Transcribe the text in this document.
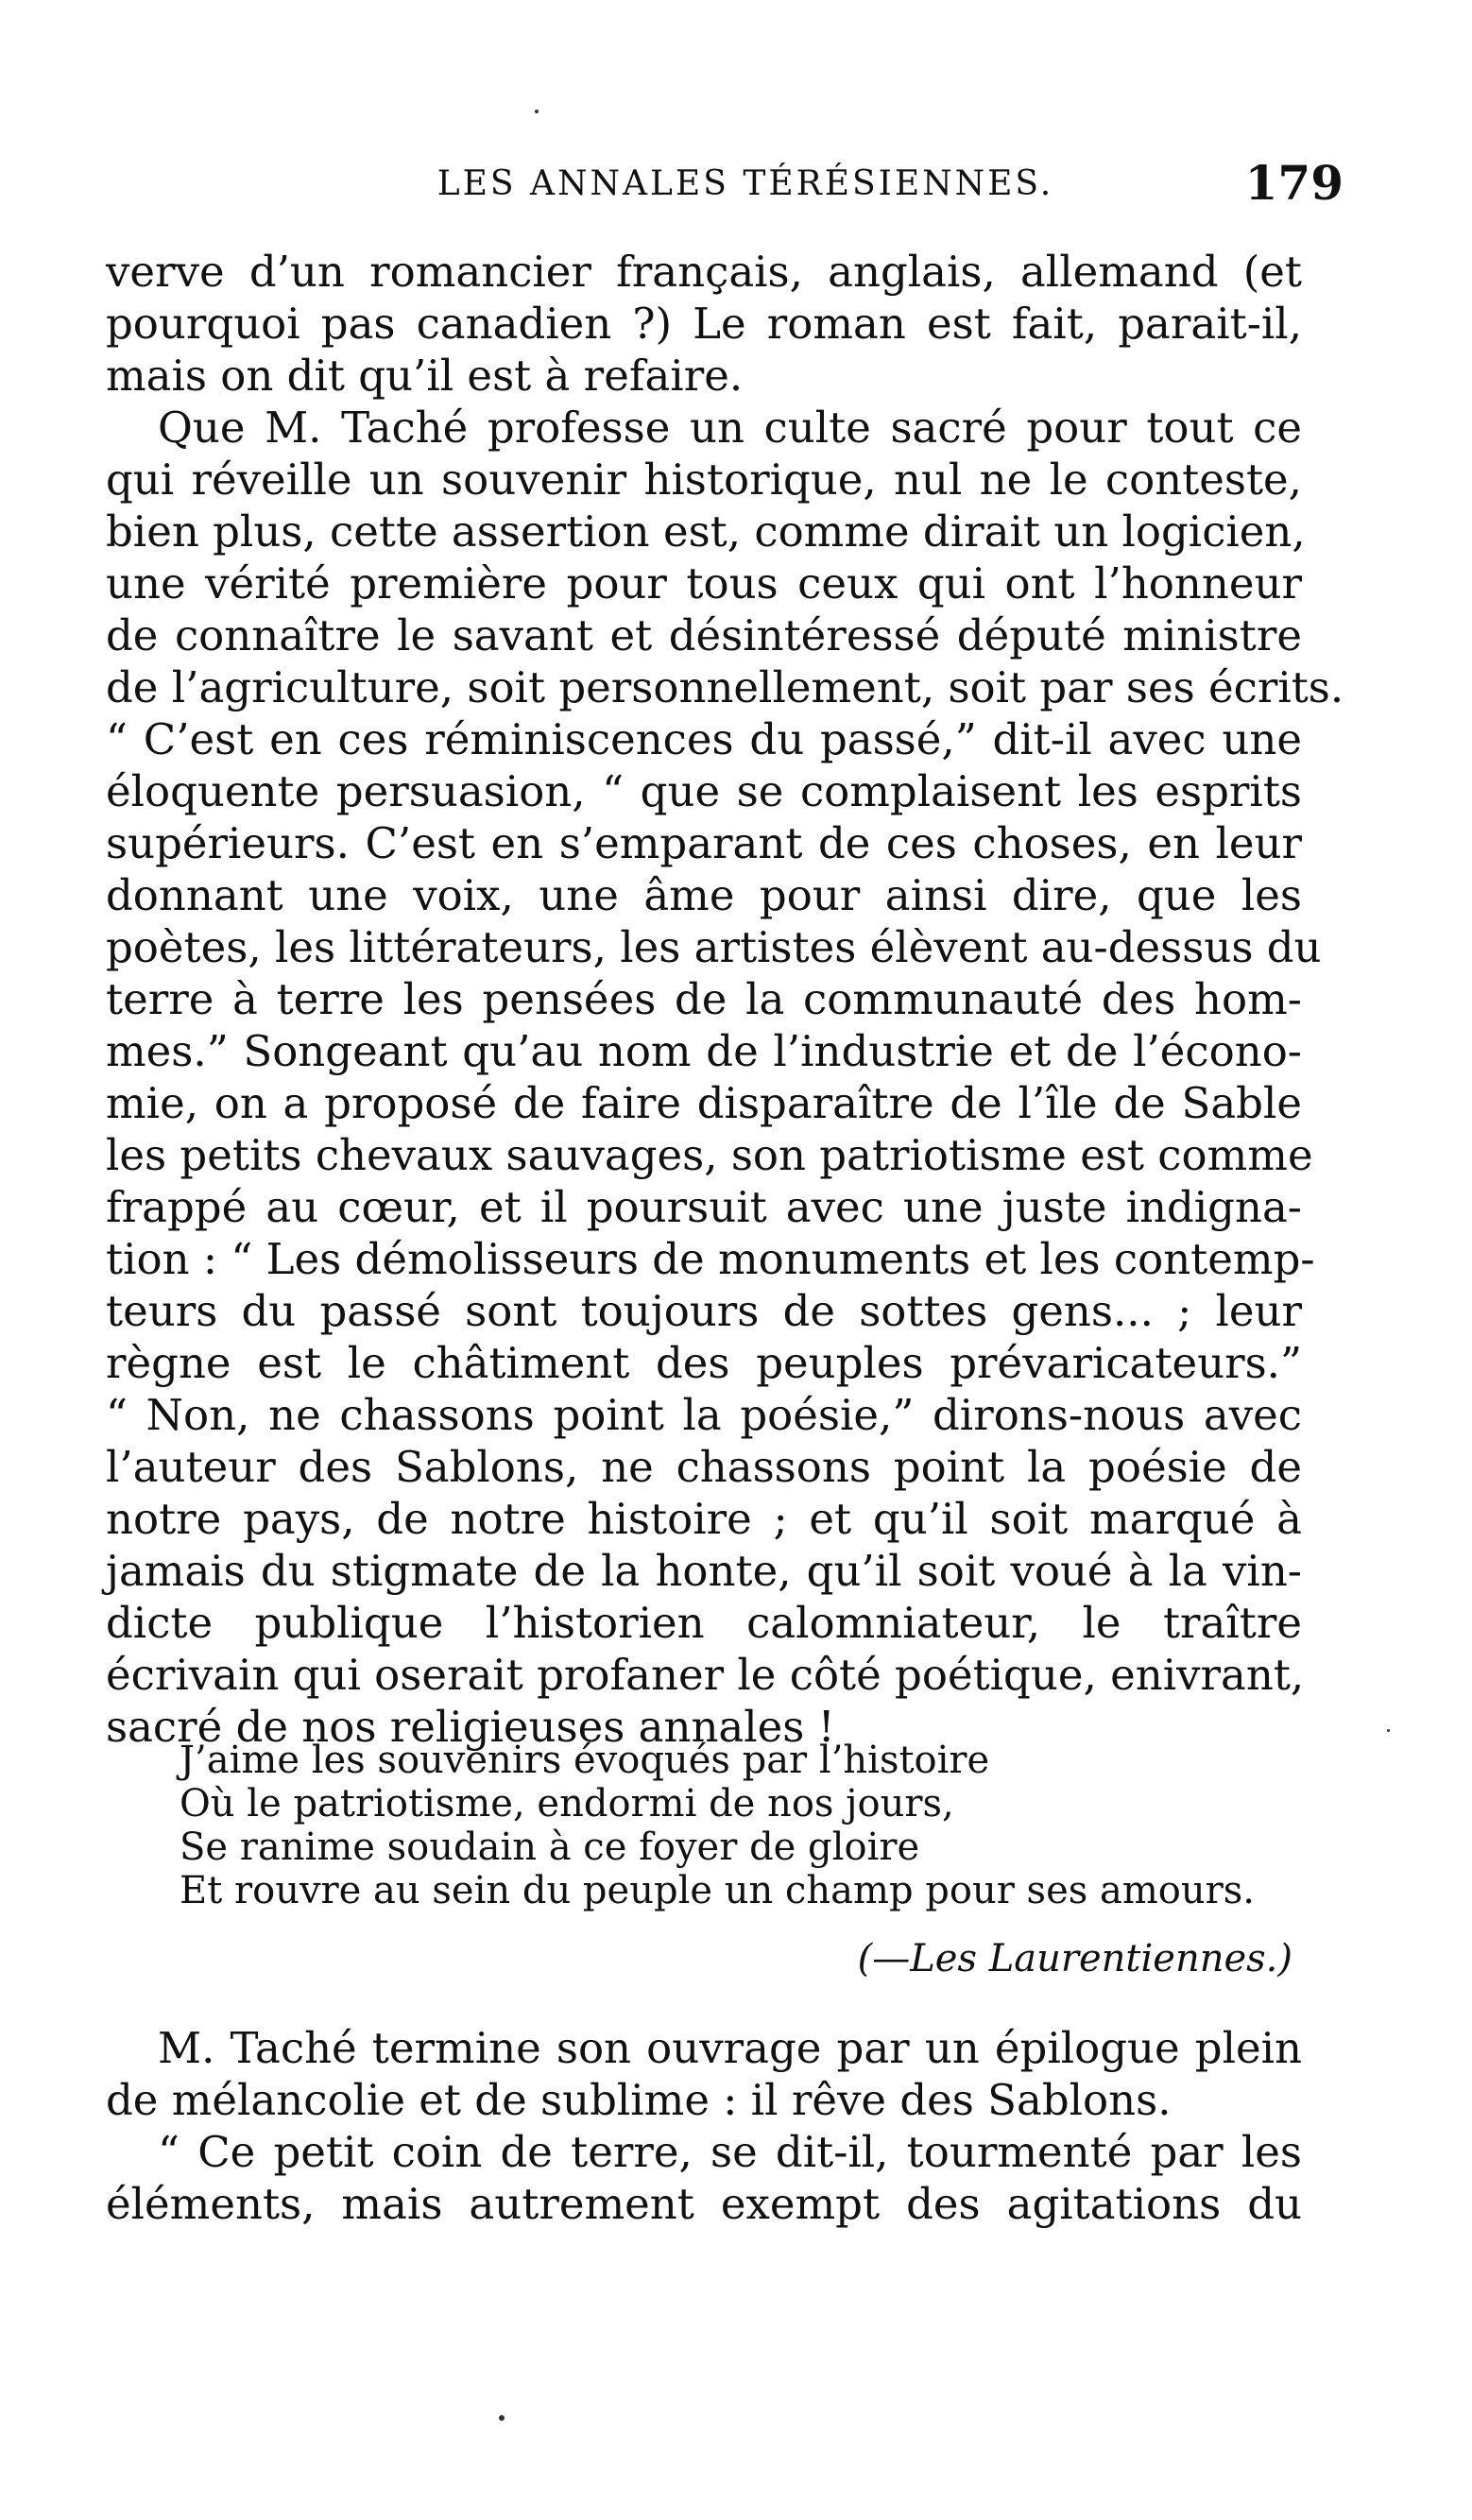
LES ANNALES TÉRÉSIENNES.	179
verve d’un romancier français, anglais, allemand (et
pourquoi pas canadien ?) Le roman est fait, parait-il,
mais on dit qu’il est à refaire.
Que M. Taché professe un culte sacré pour tout ce
qui réveille un souvenir historique, nul ne le conteste,
bien plus, cette assertion est, comme dirait un logicien,
une vérité première pour tous ceux qui ont l’honneur
de connaître le savant et désintéressé député ministre
de l’agriculture, soit personnellement, soit par ses écrits.
“ C’est en ces réminiscences du passé,” dit-il avec une
éloquente persuasion, “ que se complaisent les esprits
supérieurs. C’est en s’emparant de ces choses, en leur
donnant une voix, une âme pour ainsi dire, que les
poètes, les littérateurs, les artistes élèvent au-dessus du
terre à terre les pensées de la communauté des hom-
mes.” Songeant qu’au nom de l’industrie et de l’écono-
mie, on a proposé de faire disparaître de l’île de Sable
les petits chevaux sauvages, son patriotisme est comme
frappé au cœur, et il poursuit avec une juste indigna-
tion : “ Les démolisseurs de monuments et les contemp-
teurs du passé sont toujours de sottes gens... ; leur
règne est le châtiment des peuples prévaricateurs.”
“ Non, ne chassons point la poésie,” dirons-nous avec
l’auteur des Sablons, ne chassons point la poésie de
notre pays, de notre histoire ; et qu’il soit marqué à
jamais du stigmate de la honte, qu’il soit voué à la vin-
dicte publique l’historien calomniateur, le traître
écrivain qui oserait profaner le côté poétique, enivrant,
sacré de nos religieuses annales !
J’aime les souvenirs évoqués par l’histoire
Où le patriotisme, endormi de nos jours,
Se ranime soudain à ce foyer de gloire
Et rouvre au sein du peuple un champ pour ses amours.
(—Les Laurentiennes.)
M. Taché termine son ouvrage par un épilogue plein
de mélancolie et de sublime : il rêve des Sablons.
“ Ce petit coin de terre, se dit-il, tourmenté par les
éléments, mais autrement exempt des agitations du
